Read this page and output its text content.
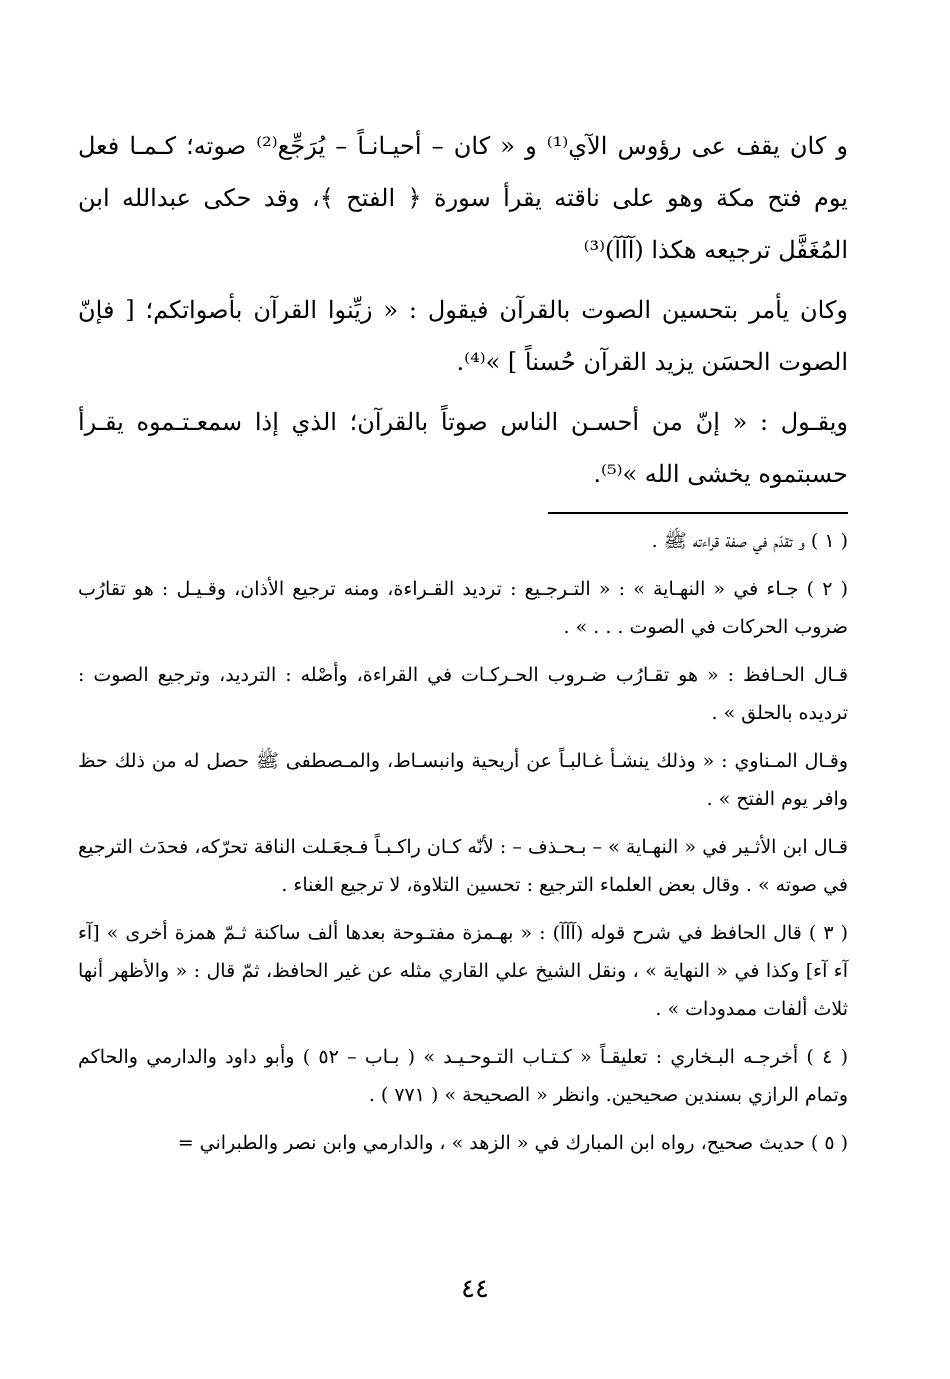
و كان يقف عى رؤوس الآي⁽¹⁾ و « كان – أحيـانـاً – يُرَجِّع⁽²⁾ صوته؛ كـمـا فعل يوم فتح مكة وهو على ناقته يقرأ سورة ﴿ الفتح ﴾، وقد حكى عبدالله ابن المُغَفَّل ترجيعه هكذا (آآآ)⁽³⁾

وكان يأمر بتحسين الصوت بالقرآن فيقول : « زيِّنوا القرآن بأصواتكم؛ [ فإنّ الصوت الحسَن يزيد القرآن حُسناً ] »⁽⁴⁾.

ويقـول : « إنّ من أحسـن الناس صوتاً بالقرآن؛ الذي إذا سمعـتـموه يقـرأ حسبتموه يخشى الله »⁽⁵⁾.

( ١ ) و تقدّم في صفة قراءته ﷺ .

( ٢ ) جـاء في « النهـاية » : « التـرجـيع : ترديد القـراءة، ومنه ترجيع الأذان، وقـيـل : هو تقارُب ضروب الحركات في الصوت . . . » .

قـال الحـافظ : « هو تقـارُب ضـروب الحـركـات في القراءة، وأصْله : الترديد، وترجيع الصوت : ترديده بالحلق » .

وقـال المـناوي : « وذلك ينشـأ غـالبـاً عن أريحية وانبسـاط، والمـصطفى ﷺ حصل له من ذلك حظ وافر يوم الفتح » .

قـال ابن الأثـير في « النهـاية » – بـحـذف – : لأنّه كـان راكـبـاً فـجعَـلت الناقة تحرّكه، فحدَث الترجيع في صوته » . وقال بعض العلماء الترجيع : تحسين التلاوة، لا ترجيع الغناء .

( ٣ ) قال الحافظ في شرح قوله (آآآ) : « بهـمزة مفتـوحة بعدها ألف ساكنة ثـمّ همزة أخرى » [آء آء آء] وكذا في « النهاية » ، ونقل الشيخ علي القاري مثله عن غير الحافظ، ثمّ قال : « والأظهر أنها ثلاث ألفات ممدودات » .

( ٤ ) أخرجـه البـخاري : تعليقـاً « كـتـاب التـوحـيـد » ( بـاب – ٥٢ ) وأبو داود والدارمي والحاكم وتمام الرازي بسندين صحيحين. وانظر « الصحيحة » ( ٧٧١ ) .

( ٥ ) حديث صحيح، رواه ابن المبارك في « الزهد » ، والدارمي وابن نصر والطبراني =

٤٤
